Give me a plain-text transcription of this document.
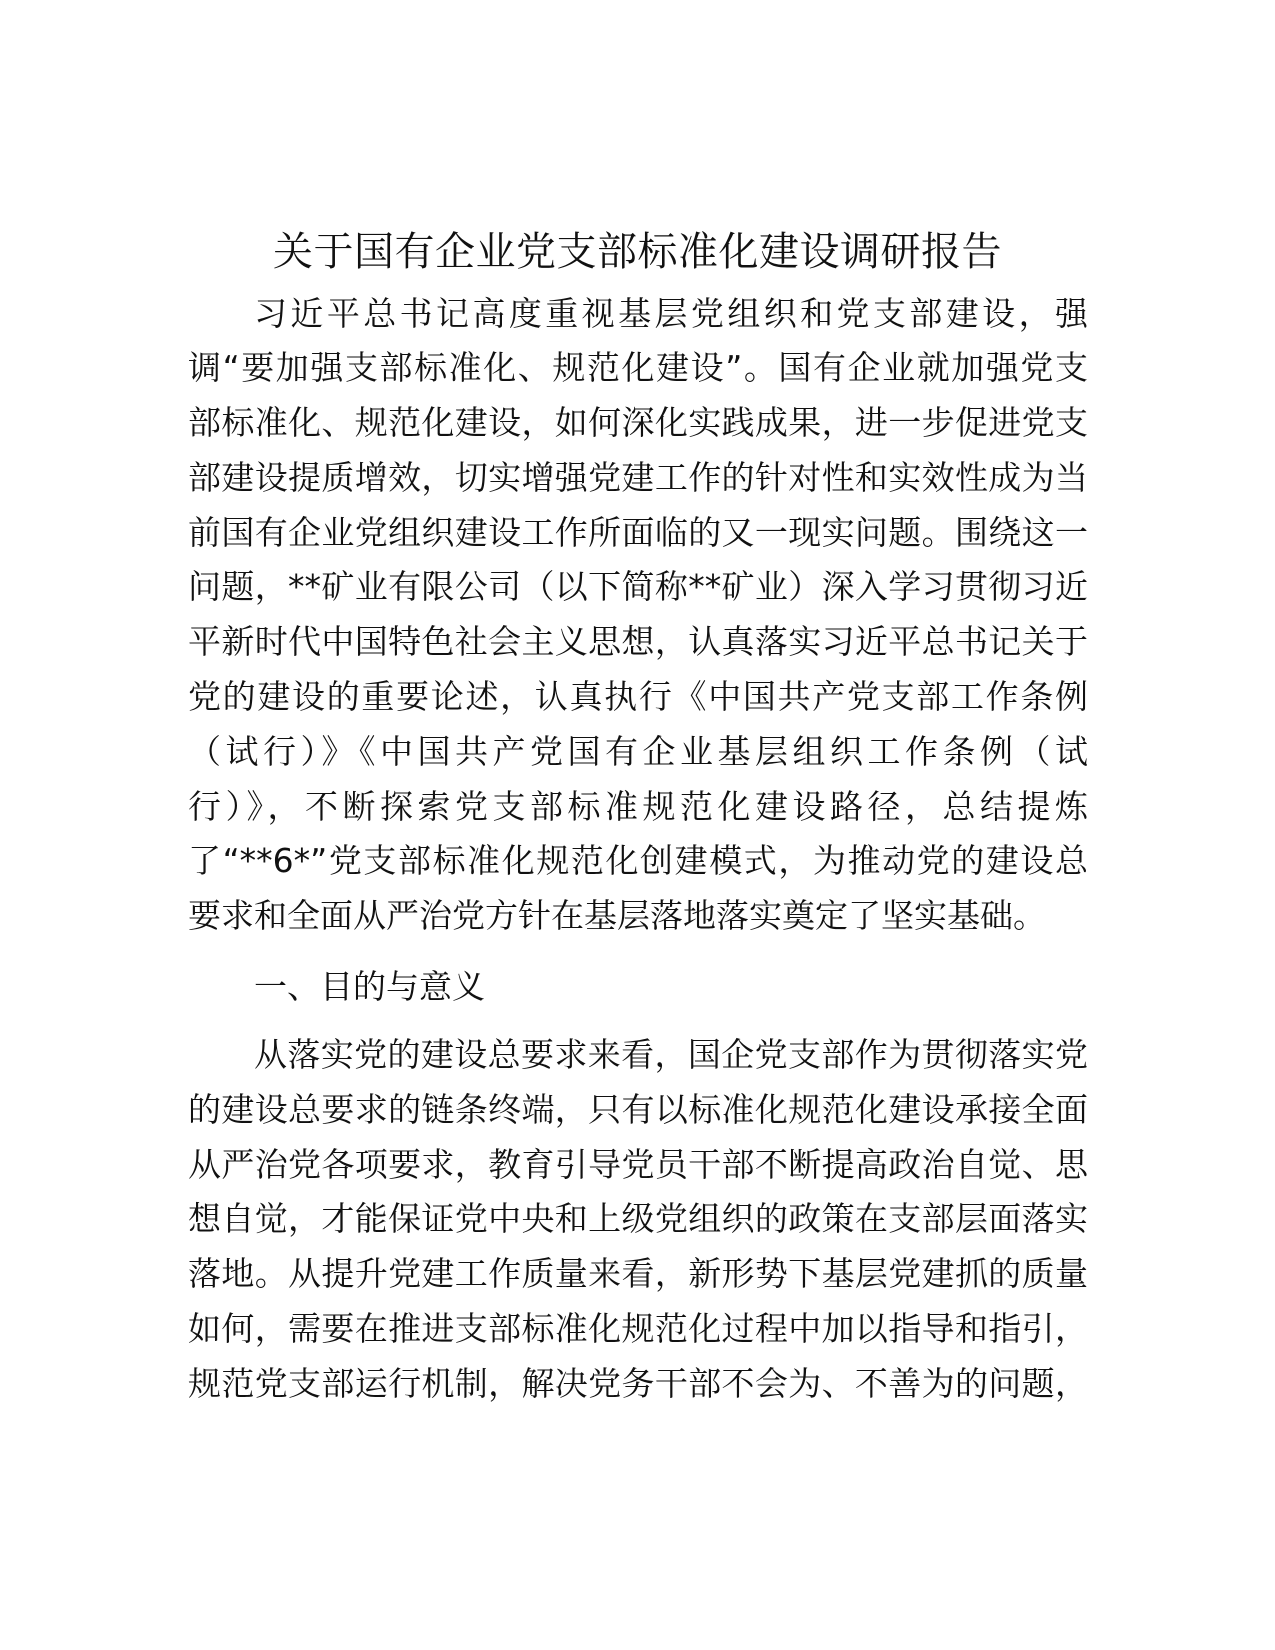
关于国有企业党支部标准化建设调研报告

习近平总书记高度重视基层党组织和党支部建设，强

调“要加强支部标准化、规范化建设”。国有企业就加强党支

部标准化、规范化建设，如何深化实践成果，进一步促进党支

部建设提质增效，切实增强党建工作的针对性和实效性成为当

前国有企业党组织建设工作所面临的又一现实问题。围绕这一

问题，**矿业有限公司（以下简称**矿业）深入学习贯彻习近

平新时代中国特色社会主义思想，认真落实习近平总书记关于

党的建设的重要论述，认真执行《中国共产党支部工作条例

（试行）》《中国共产党国有企业基层组织工作条例（试

行）》，不断探索党支部标准规范化建设路径，总结提炼

了“**6*”党支部标准化规范化创建模式，为推动党的建设总

要求和全面从严治党方针在基层落地落实奠定了坚实基础。

一、目的与意义

从落实党的建设总要求来看，国企党支部作为贯彻落实党

的建设总要求的链条终端，只有以标准化规范化建设承接全面

从严治党各项要求，教育引导党员干部不断提高政治自觉、思

想自觉，才能保证党中央和上级党组织的政策在支部层面落实

落地。从提升党建工作质量来看，新形势下基层党建抓的质量

如何，需要在推进支部标准化规范化过程中加以指导和指引，

规范党支部运行机制，解决党务干部不会为、不善为的问题，
